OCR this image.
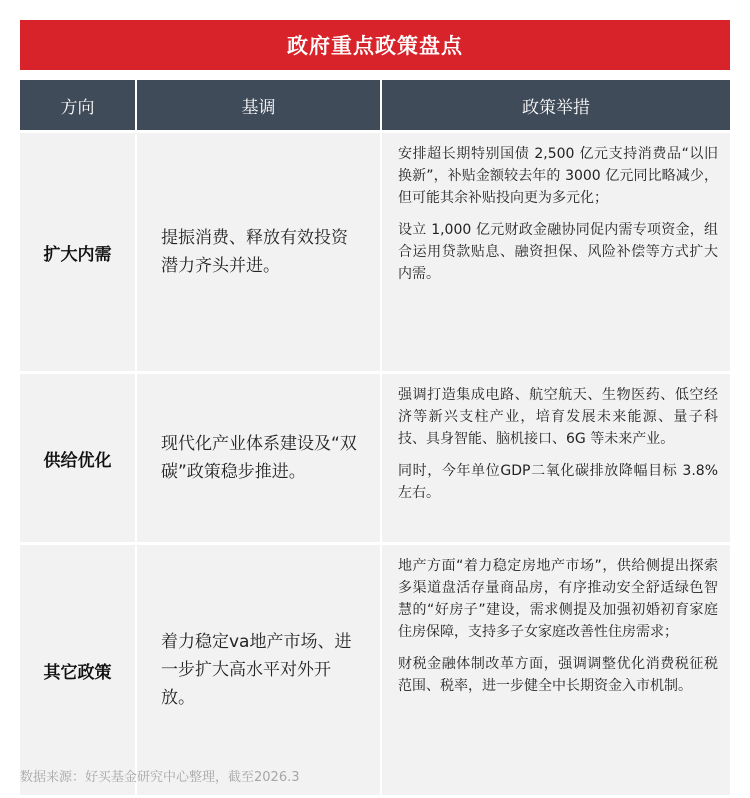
政府重点政策盘点
方向	基调	政策举措
扩大内需
提振消费、释放有效投资潜力齐头并进。

安排超长期特别国债 2,500 亿元支持消费品“以旧换新”，补贴金额较去年的 3000 亿元同比略减少，但可能其余补贴投向更为多元化；

设立 1,000 亿元财政金融协同促内需专项资金，组合运用贷款贴息、融资担保、风险补偿等方式扩大内需。

供给优化
现代化产业体系建设及“双碳”政策稳步推进。

强调打造集成电路、航空航天、生物医药、低空经济等新兴支柱产业，培育发展未来能源、量子科技、具身智能、脑机接口、6G 等未来产业。

同时，今年单位GDP二氧化碳排放降幅目标 3.8%左右。

其它政策
着力稳定va地产市场、进一步扩大高水平对外开放。

地产方面“着力稳定房地产市场”，供给侧提出探索多渠道盘活存量商品房，有序推动安全舒适绿色智慧的“好房子”建设，需求侧提及加强初婚初育家庭住房保障，支持多子女家庭改善性住房需求；

财税金融体制改革方面，强调调整优化消费税征税范围、税率，进一步健全中长期资金入市机制。

数据来源：好买基金研究中心整理，截至2026.3
